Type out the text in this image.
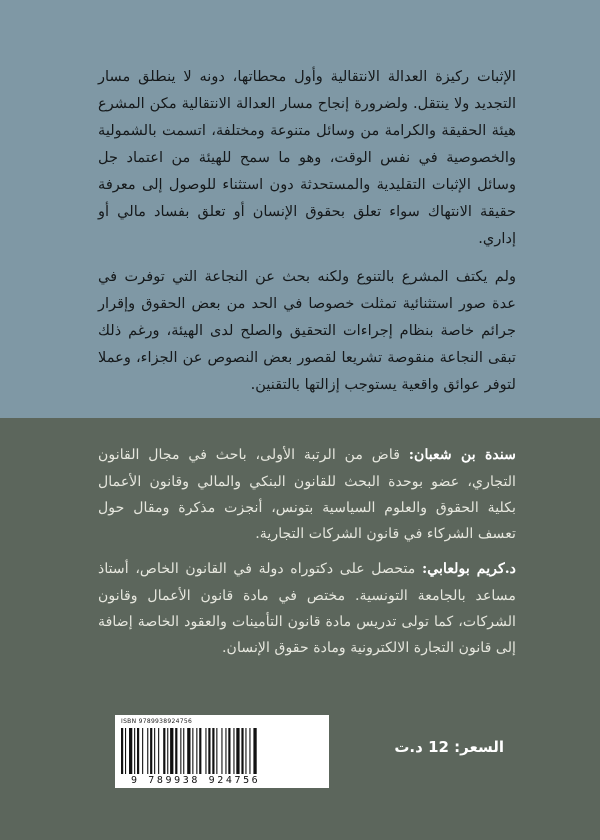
الإثبات ركيزة العدالة الانتقالية وأول محطاتها، دونه لا ينطلق مسار التجديد ولا ينتقل. ولضرورة إنجاح مسار العدالة الانتقالية مكن المشرع هيئة الحقيقة والكرامة من وسائل متنوعة ومختلفة، اتسمت بالشمولية والخصوصية في نفس الوقت، وهو ما سمح للهيئة من اعتماد جل وسائل الإثبات التقليدية والمستحدثة دون استثناء للوصول إلى معرفة حقيقة الانتهاك سواء تعلق بحقوق الإنسان أو تعلق بفساد مالي أو إداري.

ولم يكتف المشرع بالتنوع ولكنه بحث عن النجاعة التي توفرت في عدة صور استثنائية تمثلت خصوصا في الحد من بعض الحقوق وإقرار جرائم خاصة بنظام إجراءات التحقيق والصلح لدى الهيئة، ورغم ذلك تبقى النجاعة منقوصة تشريعا لقصور بعض النصوص عن الجزاء، وعملا لتوفر عوائق واقعية يستوجب إزالتها بالتقنين.

سندة بن شعبان: قاض من الرتبة الأولى، باحث في مجال القانون التجاري، عضو بوحدة البحث للقانون البنكي والمالي وقانون الأعمال بكلية الحقوق والعلوم السياسية بتونس، أنجزت مذكرة ومقال حول تعسف الشركاء في قانون الشركات التجارية.

د.كريم بولعابي: متحصل على دكتوراه دولة في القانون الخاص، أستاذ مساعد بالجامعة التونسية. مختص في مادة قانون الأعمال وقانون الشركات، كما تولى تدريس مادة قانون التأمينات والعقود الخاصة إضافة إلى قانون التجارة الالكترونية ومادة حقوق الإنسان.

ISBN 9789938924756
9 789938 924756
السعر: 12 د.ت
